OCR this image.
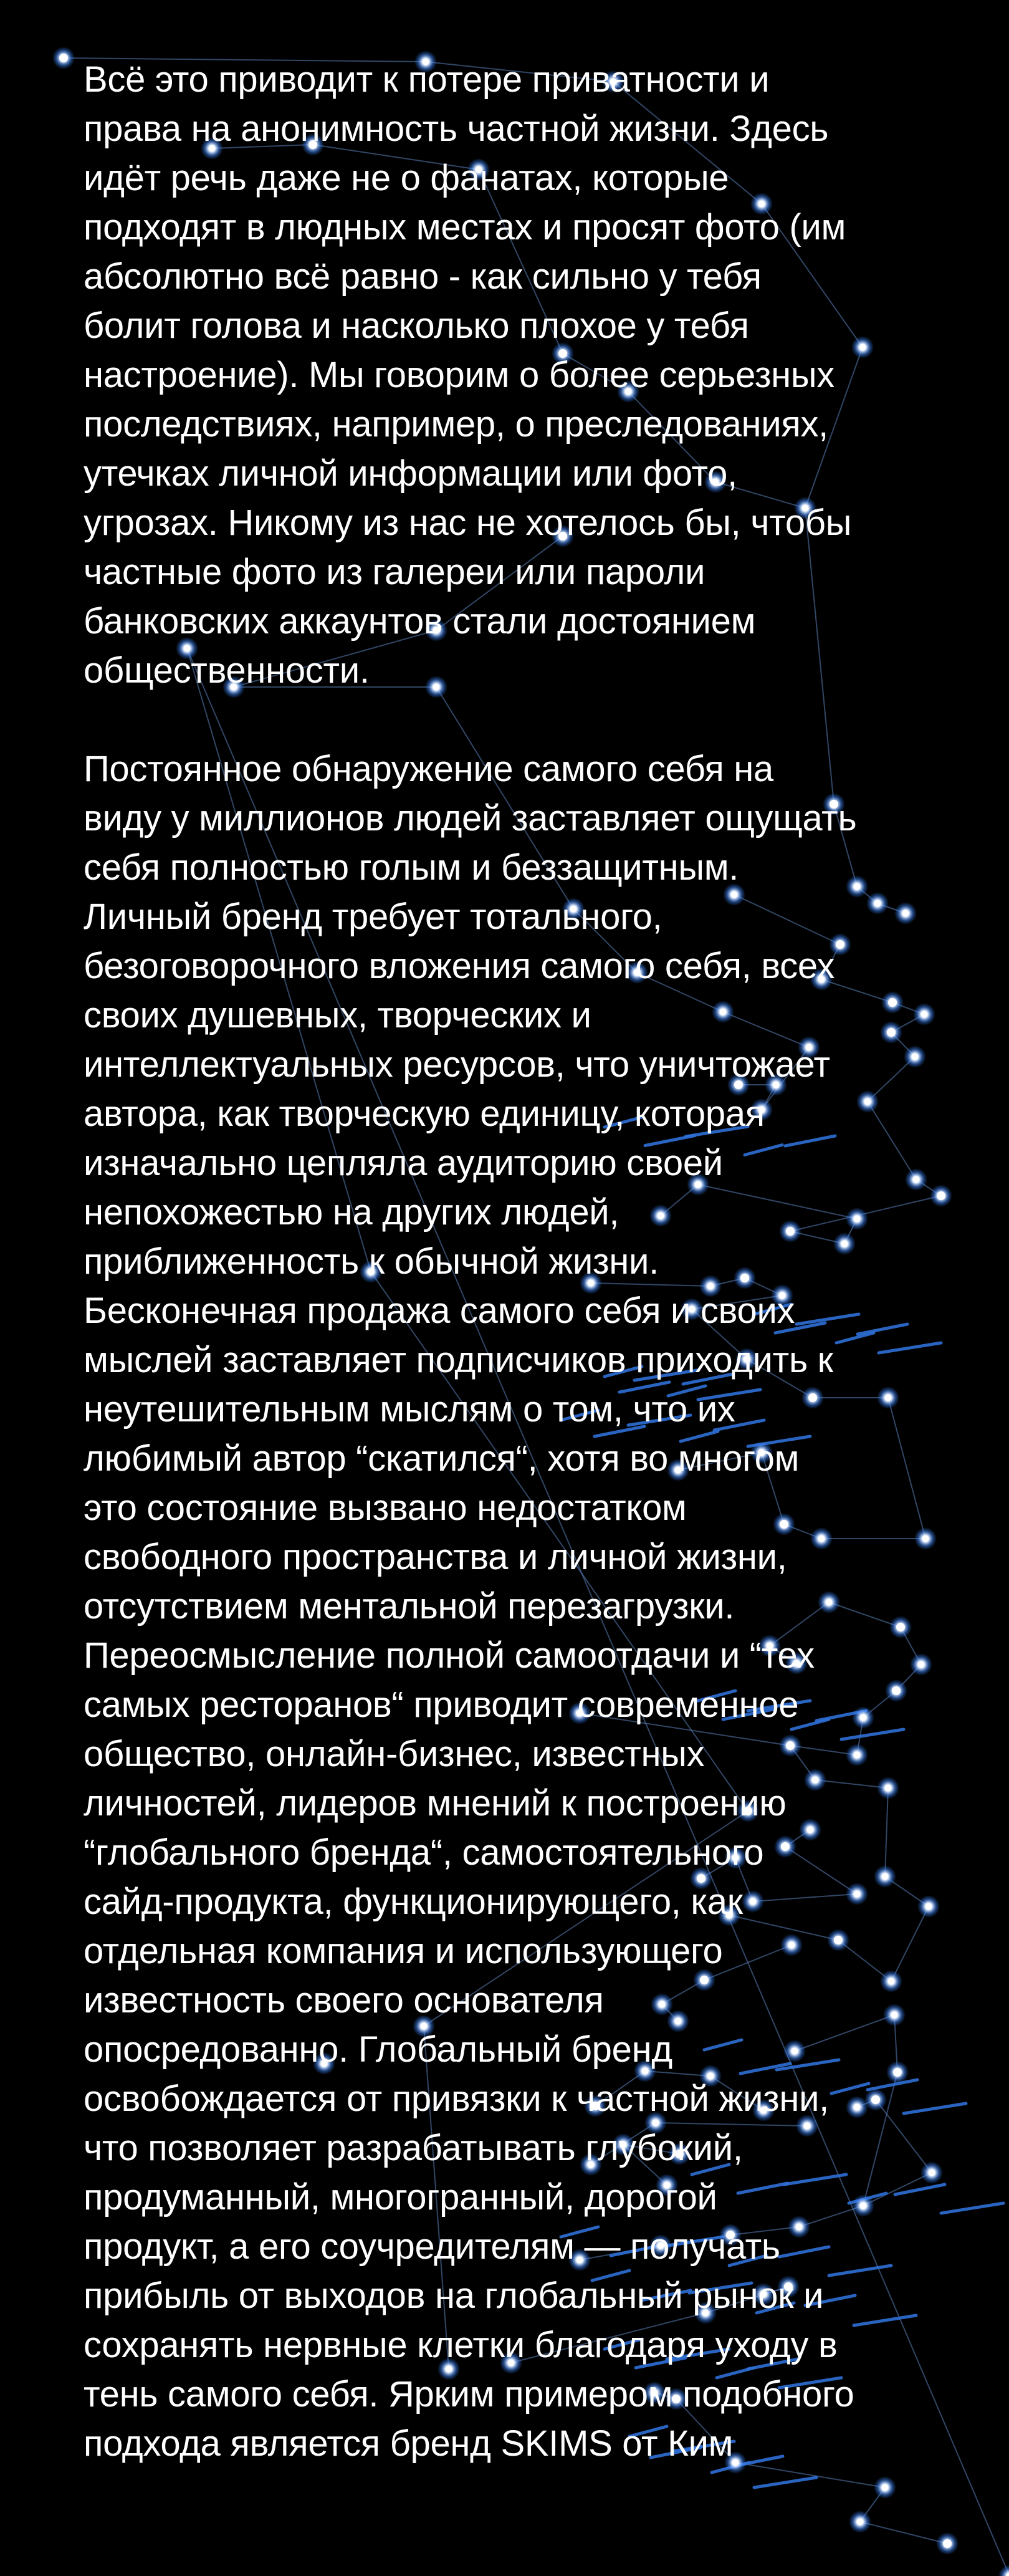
Всё это приводит к потере приватности и
права на анонимность частной жизни. Здесь
идёт речь даже не о фанатах, которые
подходят в людных местах и просят фото (им
абсолютно всё равно - как сильно у тебя
болит голова и насколько плохое у тебя
настроение). Мы говорим о более серьезных
последствиях, например, о преследованиях,
утечках личной информации или фото,
угрозах. Никому из нас не хотелось бы, чтобы
частные фото из галереи или пароли
банковских аккаунтов стали достоянием
общественности.

Постоянное обнаружение самого себя на
виду у миллионов людей заставляет ощущать
себя полностью голым и беззащитным.
Личный бренд требует тотального,
безоговорочного вложения самого себя, всех
своих душевных, творческих и
интеллектуальных ресурсов, что уничтожает
автора, как творческую единицу, которая
изначально цепляла аудиторию своей
непохожестью на других людей,
приближенность к обычной жизни.
Бесконечная продажа самого себя и своих
мыслей заставляет подписчиков приходить к
неутешительным мыслям о том, что их
любимый автор “скатился“, хотя во многом
это состояние вызвано недостатком
свободного пространства и личной жизни,
отсутствием ментальной перезагрузки.
Переосмысление полной самоотдачи и “тех
самых ресторанов“ приводит современное
общество, онлайн-бизнес, известных
личностей, лидеров мнений к построению
“глобального бренда“, самостоятельного
сайд-продукта, функционирующего, как
отдельная компания и использующего
известность своего основателя
опосредованно. Глобальный бренд
освобождается от привязки к частной жизни,
что позволяет разрабатывать глубокий,
продуманный, многогранный, дорогой
продукт, а его соучредителям — получать
прибыль от выходов на глобальный рынок и
сохранять нервные клетки благодаря уходу в
тень самого себя. Ярким примером подобного
подхода является бренд SKIMS от Ким
